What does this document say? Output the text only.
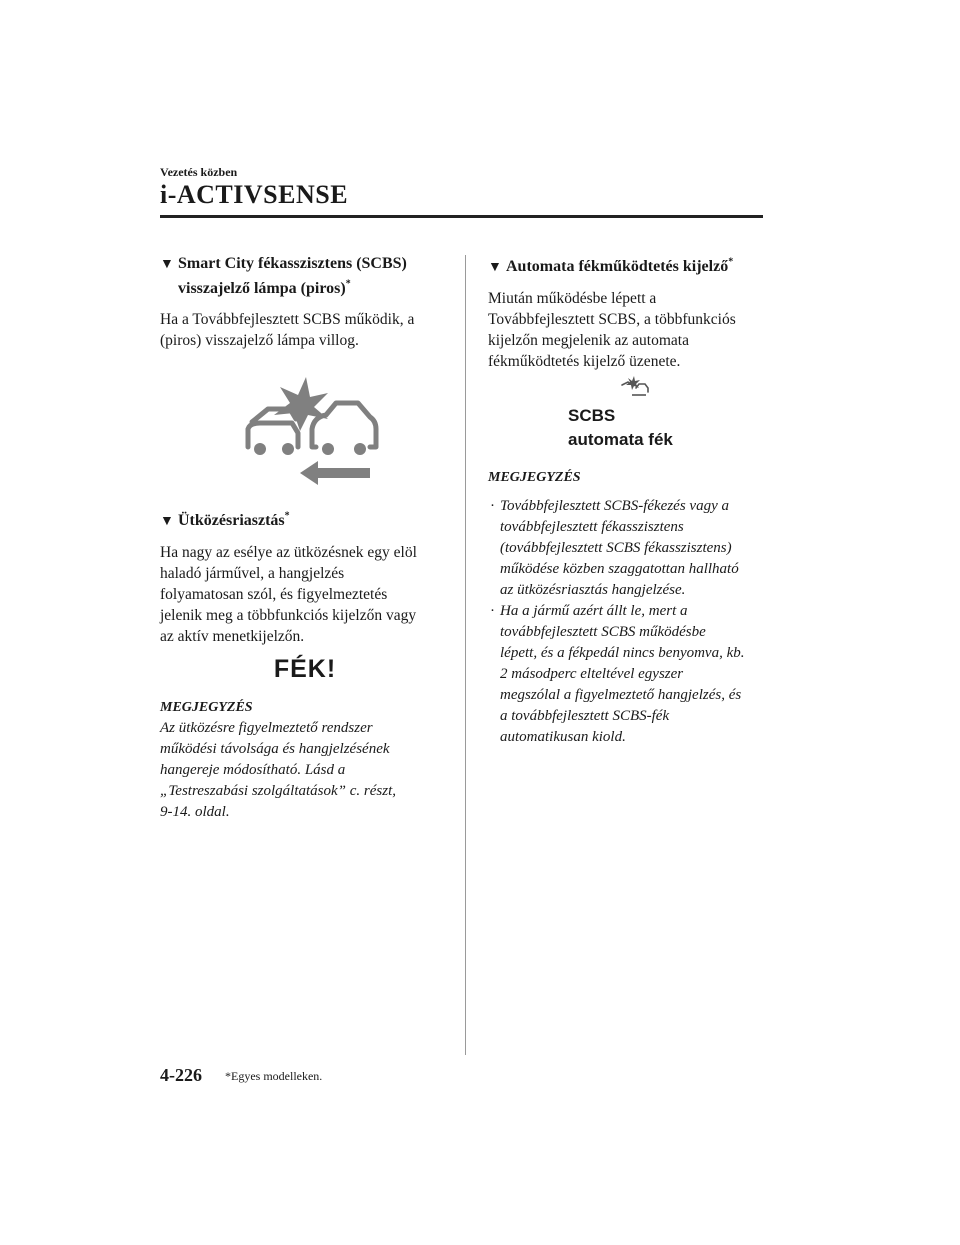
Vezetés közben
i-ACTIVSENSE
▼ Smart City fékasszisztens (SCBS)
visszajelző lámpa (piros)*
Ha a Továbbfejlesztett SCBS működik, a
(piros) visszajelző lámpa villog.
▼ Ütközésriasztás*
Ha nagy az esélye az ütközésnek egy elöl
haladó járművel, a hangjelzés
folyamatosan szól, és figyelmeztetés
jelenik meg a többfunkciós kijelzőn vagy
az aktív menetkijelzőn.
FÉK!
MEGJEGYZÉS
Az ütközésre figyelmeztető rendszer
működési távolsága és hangjelzésének
hangereje módosítható. Lásd a
„Testreszabási szolgáltatások” c. részt,
9-14. oldal.
▼ Automata fékműködtetés kijelző*
Miután működésbe lépett a
Továbbfejlesztett SCBS, a többfunkciós
kijelzőn megjelenik az automata
fékműködtetés kijelző üzenete.
SCBS
automata fék
MEGJEGYZÉS
· Továbbfejlesztett SCBS-fékezés vagy a
továbbfejlesztett fékasszisztens
(továbbfejlesztett SCBS fékasszisztens)
működése közben szaggatottan hallható
az ütközésriasztás hangjelzése.
· Ha a jármű azért állt le, mert a
továbbfejlesztett SCBS működésbe
lépett, és a fékpedál nincs benyomva, kb.
2 másodperc elteltével egyszer
megszólal a figyelmeztető hangjelzés, és
a továbbfejlesztett SCBS-fék
automatikusan kiold.
4-226 *Egyes modelleken.
